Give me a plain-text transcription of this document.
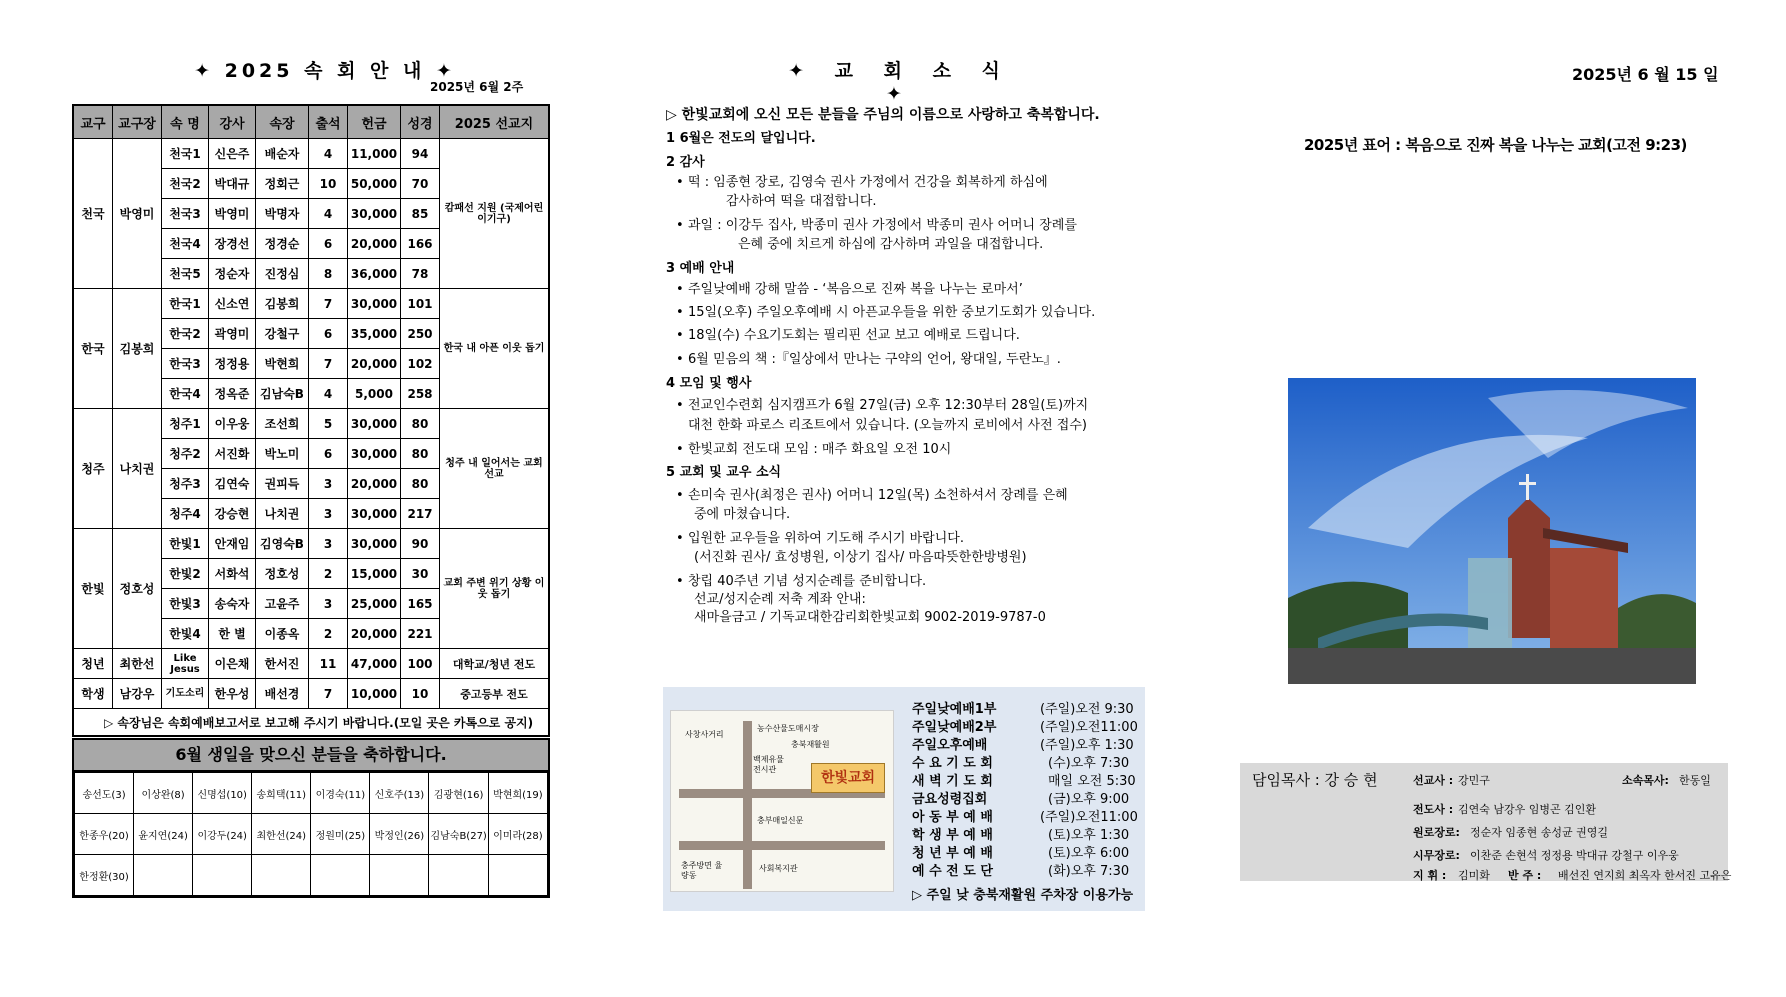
✦ 2025 속 회 안 내 ✦
2025년 6월 2주
교구	교구장	속 명	강사	속장	출석	헌금	성경	2025 선교지
천국	박영미	천국1	신은주	배순자	4	11,000	94	캄패선 지원 (국제어린이기구)
		천국2	박대규	정회근	10	50,000	70	
		천국3	박영미	박명자	4	30,000	85	
		천국4	장경선	정경순	6	20,000	166	
		천국5	정순자	진정심	8	36,000	78	
한국	김봉희	한국1	신소연	김봉희	7	30,000	101	한국 내 아픈 이웃 돕기
		한국2	곽영미	강철구	6	35,000	250	
		한국3	정정용	박현희	7	20,000	102	
		한국4	정옥준	김남숙B	4	5,000	258	
청주	나치권	청주1	이우웅	조선희	5	30,000	80	청주 내 일어서는 교회 선교
		청주2	서진화	박노미	6	30,000	80	
		청주3	김연숙	권피득	3	20,000	80	
		청주4	강승현	나치권	3	30,000	217	
한빛	정호성	한빛1	안재임	김영숙B	3	30,000	90	교회 주변 위기 상황 이웃 돕기
		한빛2	서화석	정호성	2	15,000	30	
		한빛3	송숙자	고윤주	3	25,000	165	
		한빛4	한 별	이종옥	2	20,000	221	
청년	최한선	Like Jesus	이은채	한서진	11	47,000	100	대학교/청년 전도
학생	남강우	기도소리	한우성	배선경	7	10,000	10	중고등부 전도
▷ 속장님은 속회예배보고서로 보고해 주시기 바랍니다.(모일 곳은 카톡으로 공지)								
6월 생일을 맞으신 분들을 축하합니다.
송선도(3)	이상완(8)	신명섭(10)	송희택(11)	이경숙(11)	신호주(13)	김광현(16)	박현희(19)
한종우(20)	윤지연(24)	이강두(24)	최한선(24)	정원미(25)	박정인(26)	김남숙B(27)	이미라(28)
한정환(30)							
✦ 교 회 소 식 ✦
▷ 한빛교회에 오신 모든 분들을 주님의 이름으로 사랑하고 축복합니다.
1 6월은 전도의 달입니다.
2 감사
• 떡 : 임종현 장로, 김영숙 권사 가정에서 건강을 회복하게 하심에
감사하여 떡을 대접합니다.
• 과일 : 이강두 집사, 박종미 권사 가정에서 박종미 권사 어머니 장례를
은혜 중에 치르게 하심에 감사하며 과일을 대접합니다.
3 예배 안내
• 주일낮예배 강해 말씀 - ‘복음으로 진짜 복을 나누는 로마서’
• 15일(오후) 주일오후예배 시 아픈교우들을 위한 중보기도회가 있습니다.
• 18일(수) 수요기도회는 필리핀 선교 보고 예배로 드립니다.
• 6월 믿음의 책 :『일상에서 만나는 구약의 언어, 왕대일, 두란노』.
4 모임 및 행사
• 전교인수련회 심지캠프가 6월 27일(금) 오후 12:30부터 28일(토)까지
대천 한화 파로스 리조트에서 있습니다. (오늘까지 로비에서 사전 접수)
• 한빛교회 전도대 모임 : 매주 화요일 오전 10시
5 교회 및 교우 소식
• 손미숙 권사(최정은 권사) 어머니 12일(목) 소천하셔서 장례를 은혜
중에 마쳤습니다.
• 입원한 교우들을 위하여 기도해 주시기 바랍니다.
(서진화 권사/ 효성병원, 이상기 집사/ 마음따뜻한한방병원)
• 창립 40주년 기념 성지순례를 준비합니다.
선교/성지순례 저축 계좌 안내:
새마을금고 / 기독교대한감리회한빛교회 9002-2019-9787-0
사창사거리
농수산물도매시장
충북재활원
백제유물 전시관
충부매일신문
충주방면 율량동
사회복지관
한빛교회
주일낮예배1부	(주일)오전 9:30
주일낮예배2부	(주일)오전11:00
주일오후예배	(주일)오후 1:30
수 요 기 도 회	(수)오후 7:30
새 벽 기 도 회	매일 오전 5:30
금요성령집회	(금)오후 9:00
아 동 부 예 배	(주일)오전11:00
학 생 부 예 배	(토)오후 1:30
청 년 부 예 배	(토)오후 6:00
예 수 전 도 단	(화)오후 7:30
▷ 주일 낮 충북재활원 주차장 이용가능
2025년 6 월 15 일
2025년 표어 : 복음으로 진짜 복을 나누는 교회(고전 9:23)
담임목사 : 강 승 현	선교사 : 강민구	소속목사: 한동일
전도사 : 김연숙 남강우 임병곤 김인환
원로장로: 정순자 임종현 송성균 권영길
시무장로: 이찬준 손현석 정정용 박대규 강철구 이우웅
지 휘 : 김미화 반 주 : 배선진 연지희 최옥자 한서진 고유은
